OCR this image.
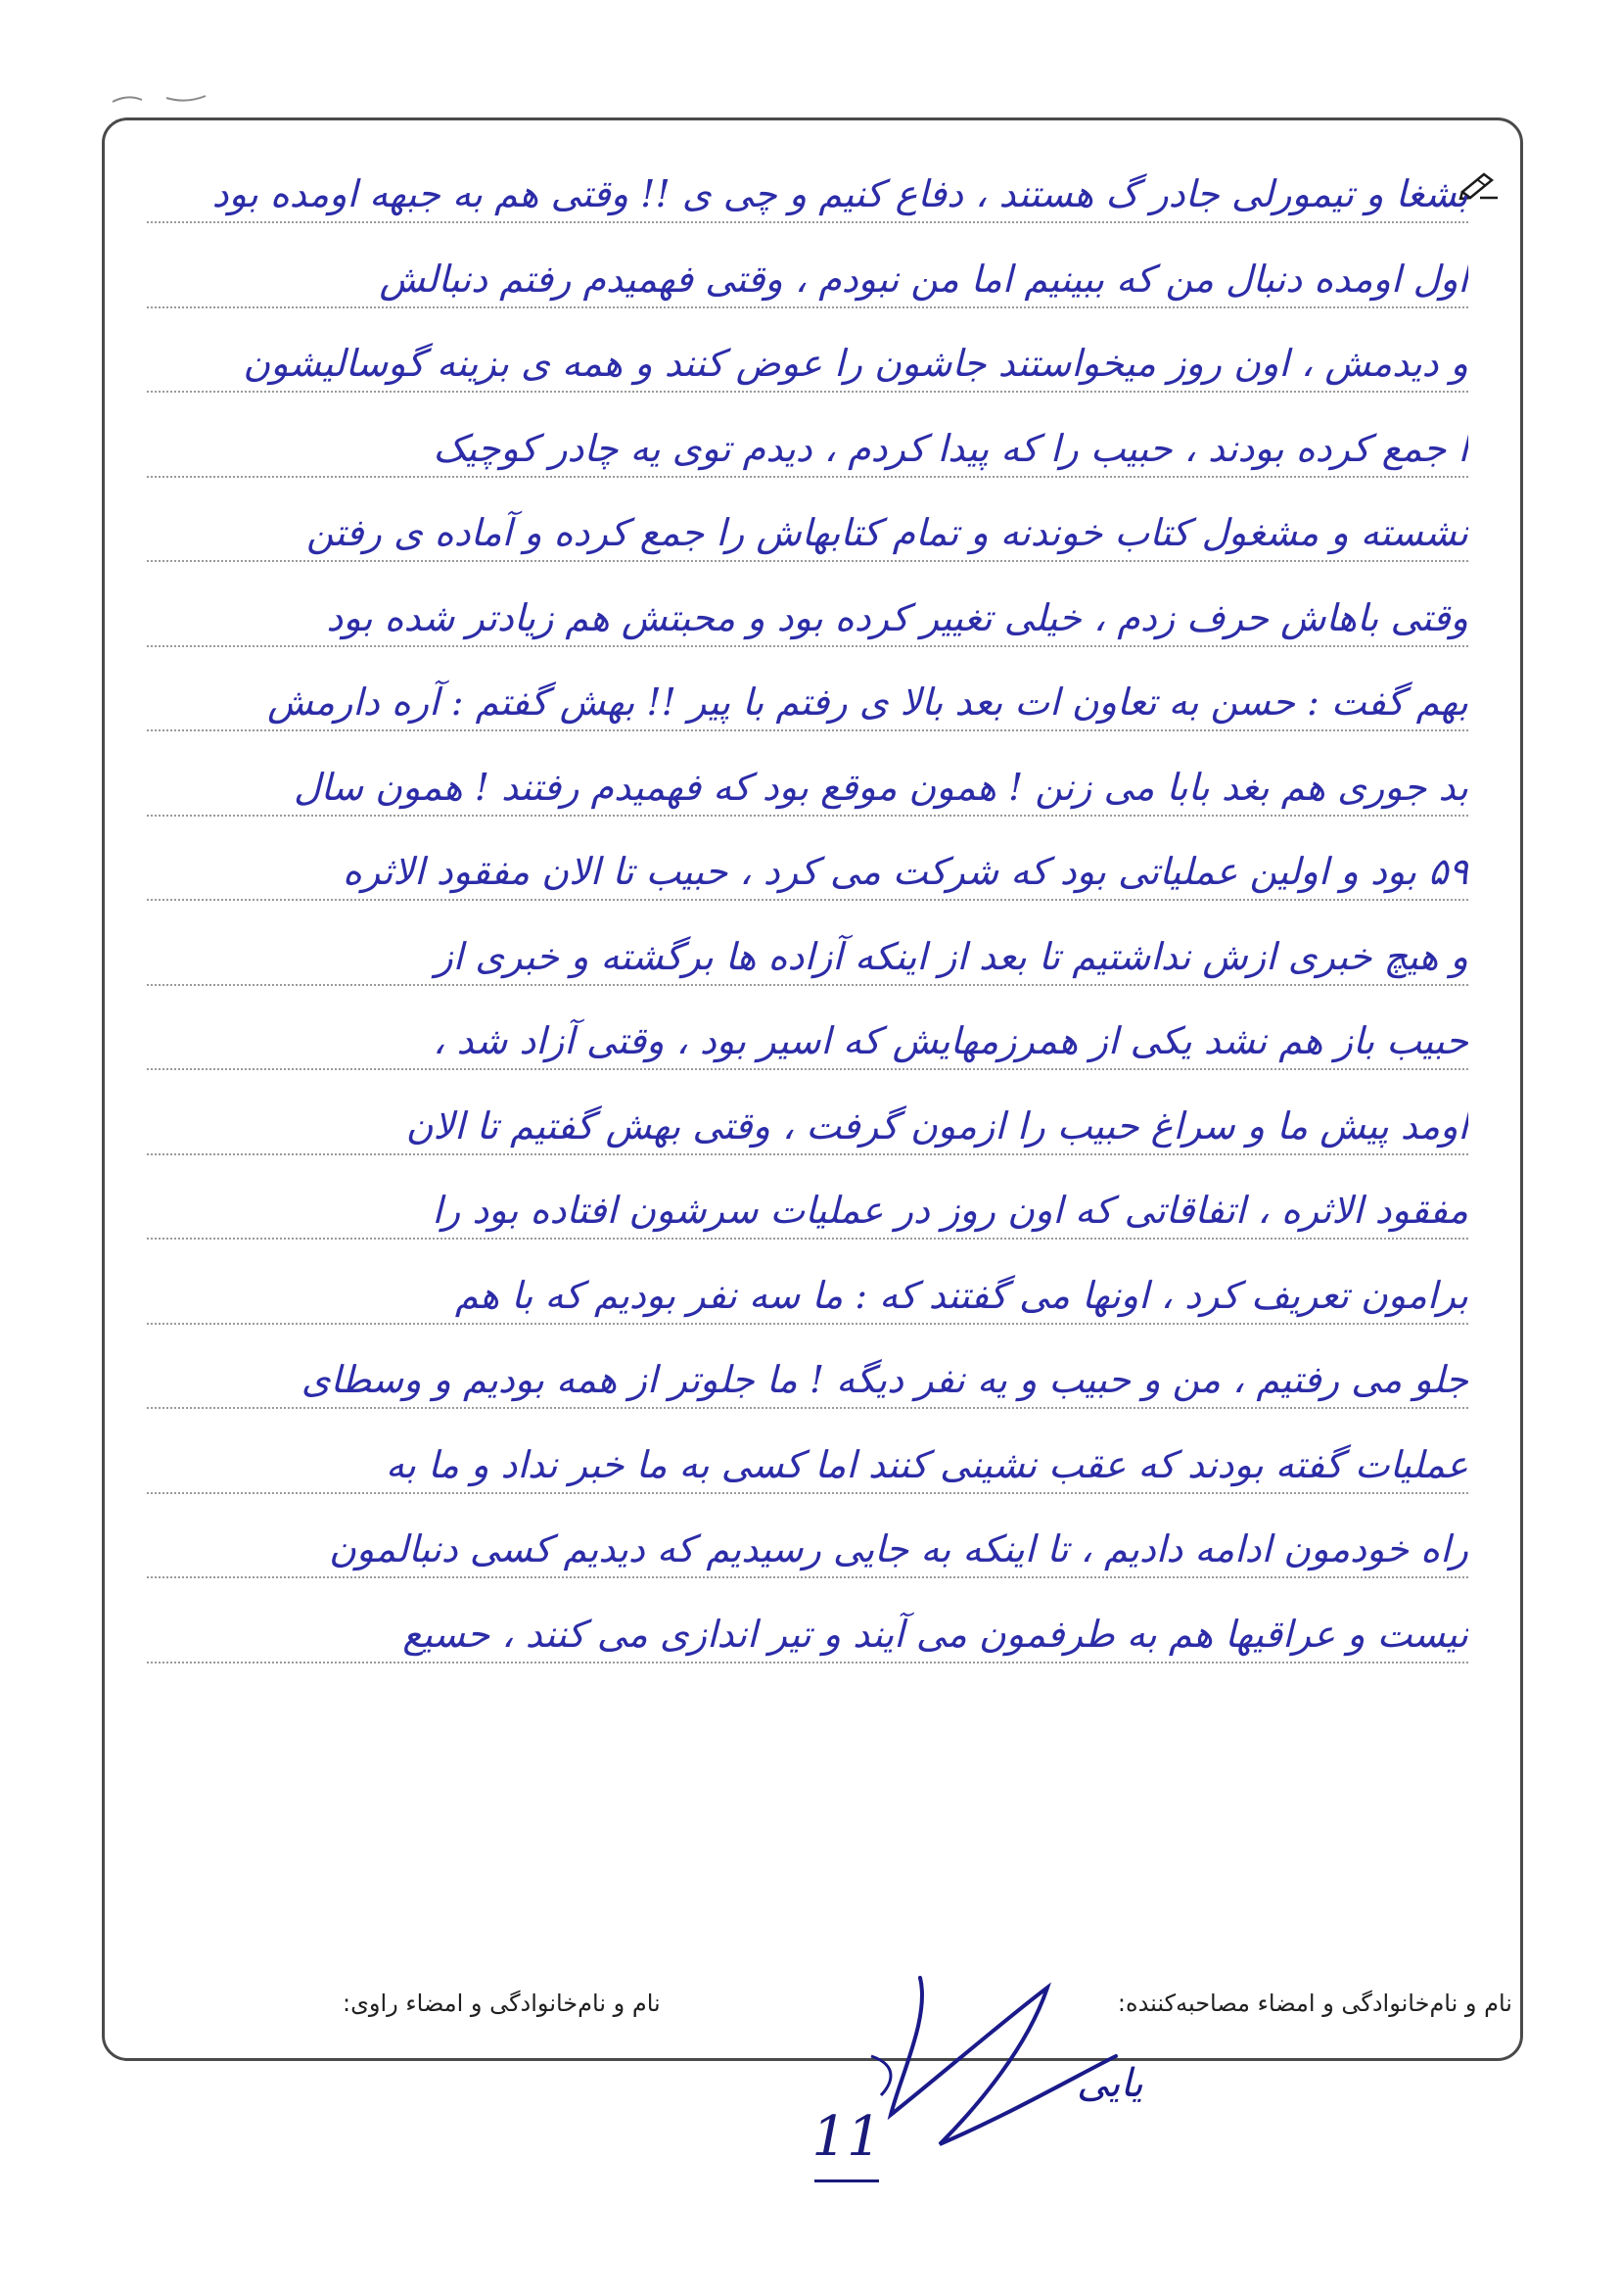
بشغا و تیمورلی جادر گ هستند ، دفاع کنیم و چی ی !! وقتی هم به جبهه اومده بود
اول اومده دنبال من که ببینیم اما من نبودم ، وقتی فهمیدم رفتم دنبالش
و دیدمش ، اون روز میخواستند جاشون را عوض کنند و همه ی بزینه گوسالیشون
ا جمع کرده بودند ، حبیب را که پیدا کردم ، دیدم توی یه چادر کوچیک
نشسته و مشغول کتاب خوندنه و تمام کتابهاش را جمع کرده و آماده ی رفتن
وقتی باهاش حرف زدم ، خیلی تغییر کرده بود و محبتش هم زیادتر شده بود
بهم گفت : حسن به تعاون ات بعد بالا ی رفتم با پیر !! بهش گفتم : آره دارمش
بد جوری هم بغد بابا می زنن ! همون موقع بود که فهمیدم رفتند ! همون سال
۵۹ بود و اولین عملیاتی بود که شرکت می کرد ، حبیب تا الان مفقود الاثره
و هیچ خبری ازش نداشتیم تا بعد از اینکه آزاده ها برگشته و خبری از
حبیب باز هم نشد یکی از همرزمهایش که اسیر بود ، وقتی آزاد شد ،
اومد پیش ما و سراغ حبیب را ازمون گرفت ، وقتی بهش گفتیم تا الان
مفقود الاثره ، اتفاقاتی که اون روز در عملیات سرشون افتاده بود را
برامون تعریف کرد ، اونها می گفتند که : ما سه نفر بودیم که با هم
جلو می رفتیم ، من و حبیب و یه نفر دیگه ! ما جلوتر از همه بودیم و وسطای
عملیات گفته بودند که عقب نشینی کنند اما کسی به ما خبر نداد و ما به
راه خودمون ادامه دادیم ، تا اینکه به جایی رسیدیم که دیدیم کسی دنبالمون
نیست و عراقیها هم به طرفمون می آیند و تیر اندازی می کنند ، حسیع
نام و نام‌خانوادگی و امضاء مصاحبه‌کننده:
نام و نام‌خانوادگی و امضاء راوی:
یایی
11
